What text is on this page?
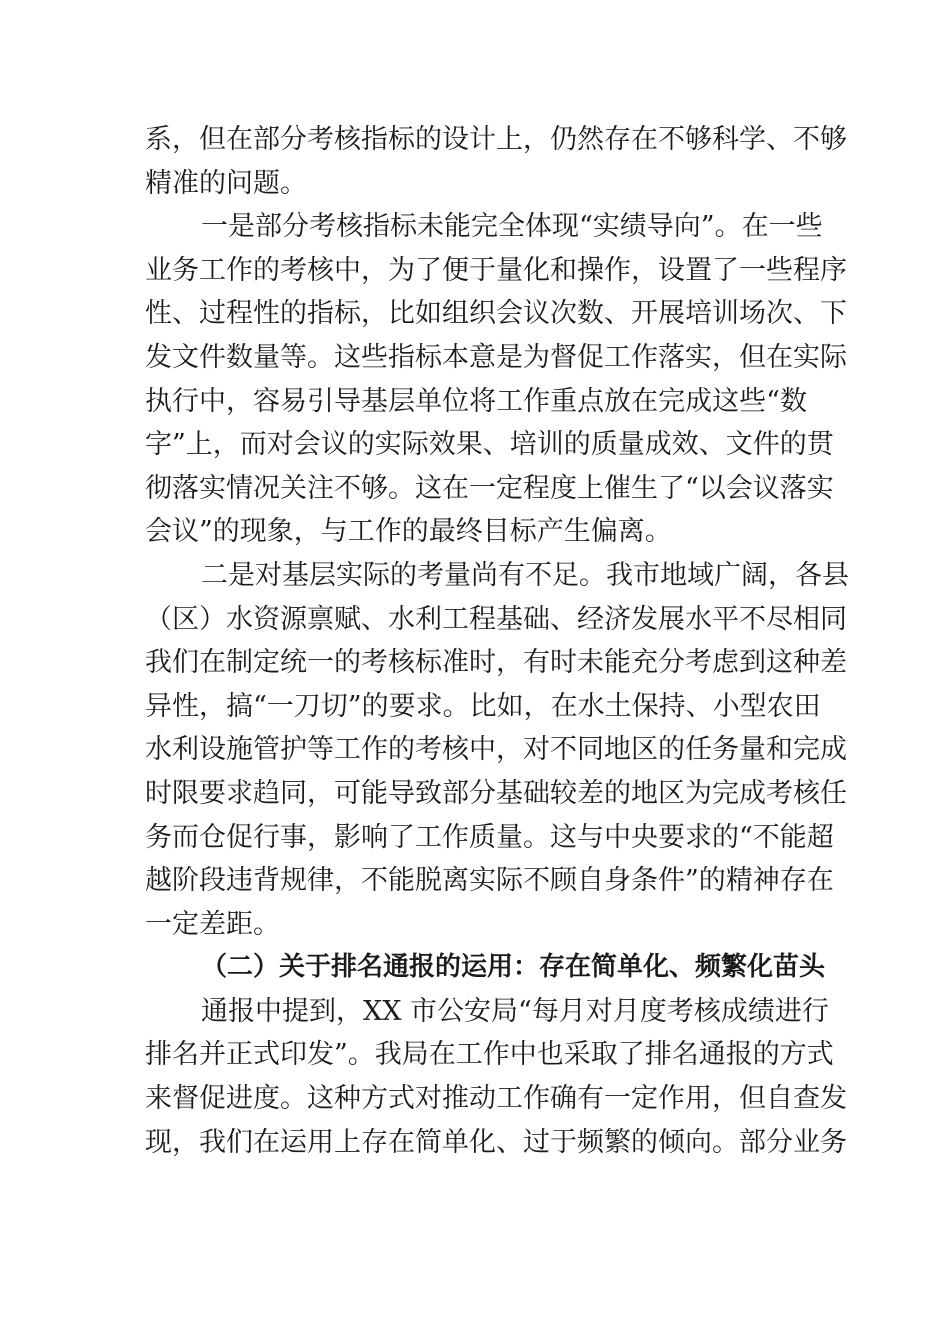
系，但在部分考核指标的设计上，仍然存在不够科学、不够
精准的问题。
一是部分考核指标未能完全体现“实绩导向”。在一些
业务工作的考核中，为了便于量化和操作，设置了一些程序
性、过程性的指标，比如组织会议次数、开展培训场次、下
发文件数量等。这些指标本意是为督促工作落实，但在实际
执行中，容易引导基层单位将工作重点放在完成这些“数
字”上，而对会议的实际效果、培训的质量成效、文件的贯
彻落实情况关注不够。这在一定程度上催生了“以会议落实
会议”的现象，与工作的最终目标产生偏离。
二是对基层实际的考量尚有不足。我市地域广阔，各县
（区）水资源禀赋、水利工程基础、经济发展水平不尽相同
我们在制定统一的考核标准时，有时未能充分考虑到这种差
异性，搞“一刀切”的要求。比如，在水土保持、小型农田
水利设施管护等工作的考核中，对不同地区的任务量和完成
时限要求趋同，可能导致部分基础较差的地区为完成考核任
务而仓促行事，影响了工作质量。这与中央要求的“不能超
越阶段违背规律，不能脱离实际不顾自身条件”的精神存在
一定差距。
（二）关于排名通报的运用：存在简单化、频繁化苗头
通报中提到，XX 市公安局“每月对月度考核成绩进行
排名并正式印发”。我局在工作中也采取了排名通报的方式
来督促进度。这种方式对推动工作确有一定作用，但自查发
现，我们在运用上存在简单化、过于频繁的倾向。部分业务
